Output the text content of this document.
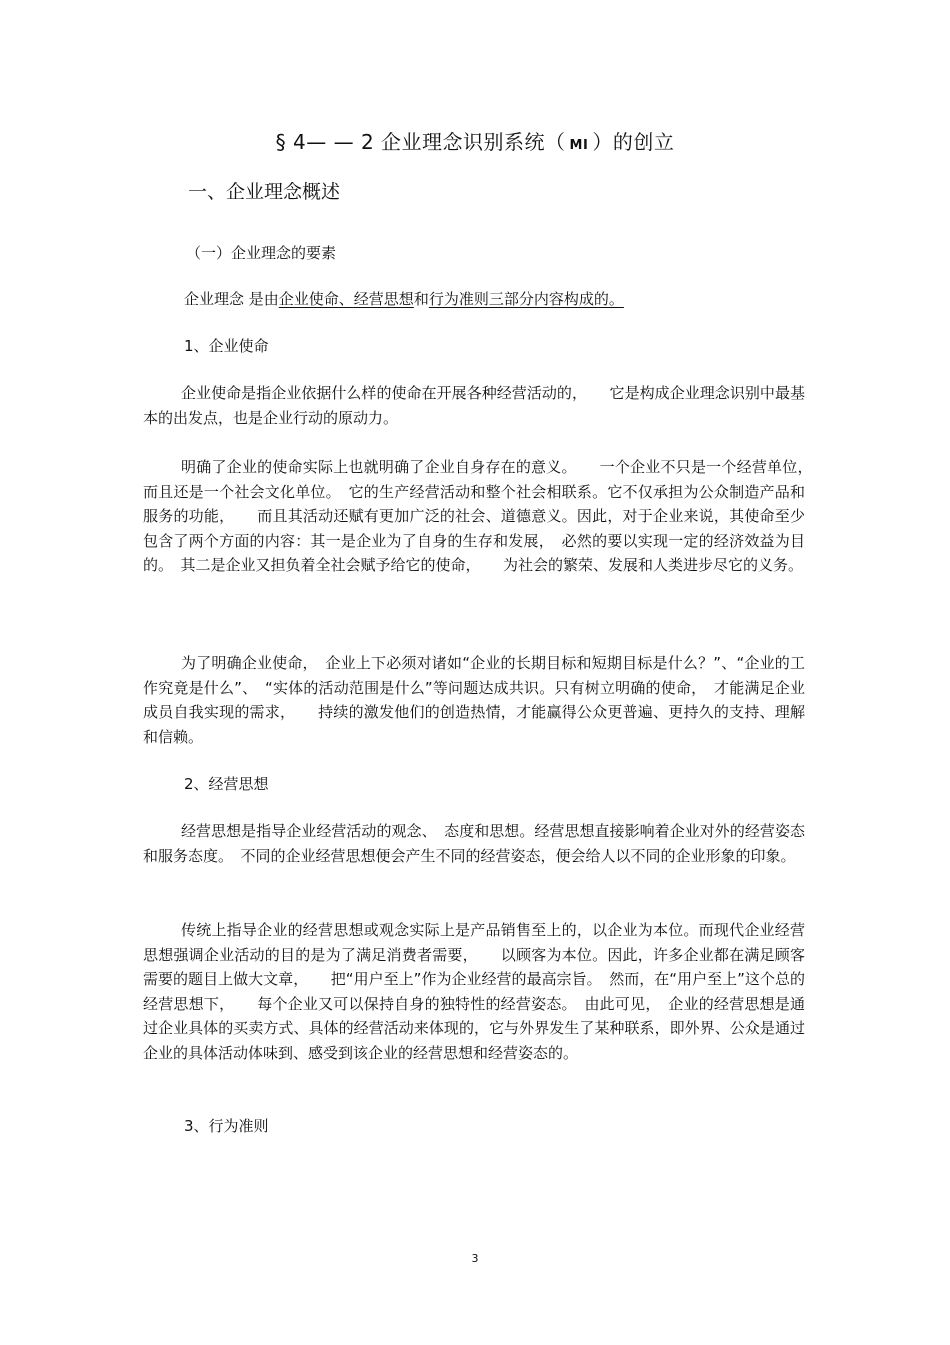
§ 4— — 2 企业理念识别系统（ MI ）的创立
一、企业理念概述
（一）企业理念的要素
企业理念 是由企业使命、经营思想和行为准则三部分内容构成的。
1、企业使命

企业使命是指企业依据什么样的使命在开展各种经营活动的，　　它是构成企业理念识别中最基本的出发点，也是企业行动的原动力。

明确了企业的使命实际上也就明确了企业自身存在的意义。　　一个企业不只是一个经营单位，　而且还是一个社会文化单位。　它的生产经营活动和整个社会相联系。它不仅承担为公众制造产品和服务的功能，　　而且其活动还赋有更加广泛的社会、道德意义。因此，对于企业来说，其使命至少包含了两个方面的内容：其一是企业为了自身的生存和发展，　必然的要以实现一定的经济效益为目的。　其二是企业又担负着全社会赋予给它的使命，　　为社会的繁荣、发展和人类进步尽它的义务。

为了明确企业使命，　企业上下必须对诸如“企业的长期目标和短期目标是什么？”、“企业的工作究竟是什么”、　“实体的活动范围是什么”等问题达成共识。只有树立明确的使命，　才能满足企业成员自我实现的需求，　　持续的激发他们的创造热情，才能赢得公众更普遍、更持久的支持、理解和信赖。

2、经营思想

经营思想是指导企业经营活动的观念、　态度和思想。经营思想直接影响着企业对外的经营姿态和服务态度。　不同的企业经营思想便会产生不同的经营姿态，便会给人以不同的企业形象的印象。

传统上指导企业的经营思想或观念实际上是产品销售至上的，以企业为本位。而现代企业经营思想强调企业活动的目的是为了满足消费者需要，　　以顾客为本位。因此，许多企业都在满足顾客需要的题目上做大文章，　　把“用户至上”作为企业经营的最高宗旨。　然而，在“用户至上”这个总的经营思想下，　　每个企业又可以保持自身的独特性的经营姿态。　由此可见，　企业的经营思想是通过企业具体的买卖方式、具体的经营活动来体现的，它与外界发生了某种联系，即外界、公众是通过企业的具体活动体味到、感受到该企业的经营思想和经营姿态的。

3、行为准则
3
